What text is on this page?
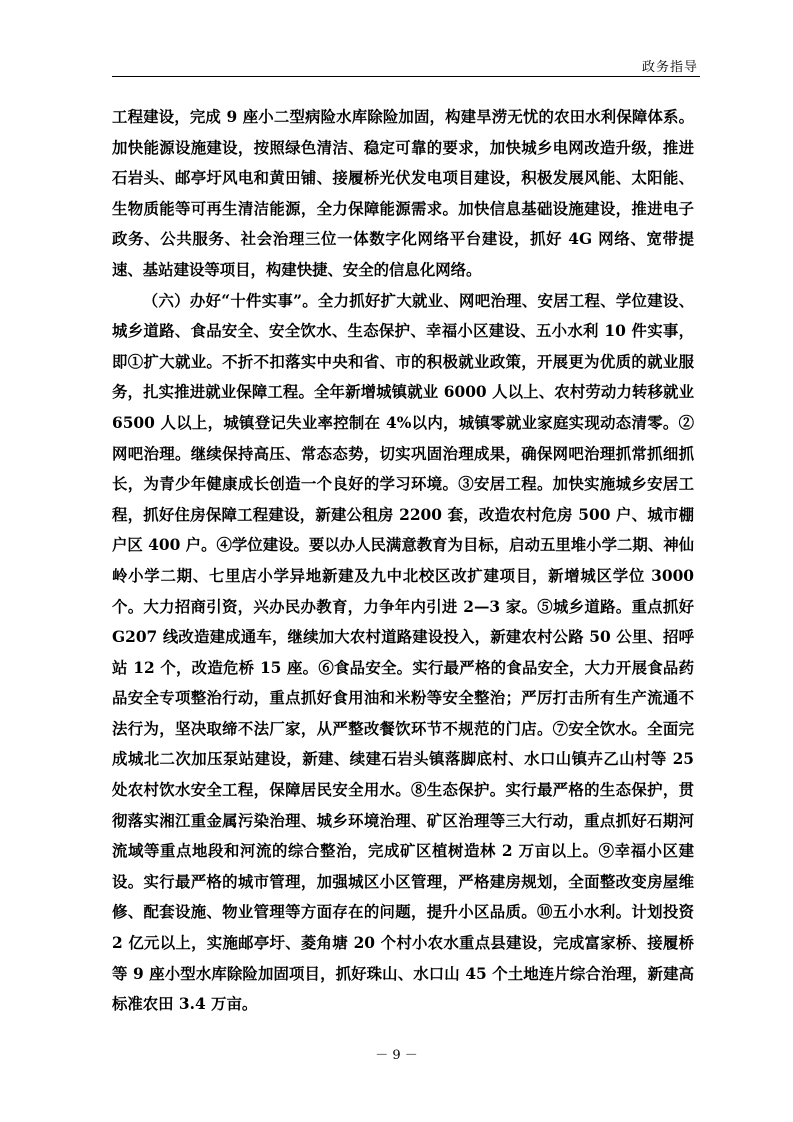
政务指导

工程建设，完成 9 座小二型病险水库除险加固，构建旱涝无忧的农田水利保障体系。加快能源设施建设，按照绿色清洁、稳定可靠的要求，加快城乡电网改造升级，推进石岩头、邮亭圩风电和黄田铺、接履桥光伏发电项目建设，积极发展风能、太阳能、生物质能等可再生清洁能源，全力保障能源需求。加快信息基础设施建设，推进电子政务、公共服务、社会治理三位一体数字化网络平台建设，抓好 4G 网络、宽带提速、基站建设等项目，构建快捷、安全的信息化网络。

（六）办好“十件实事”。全力抓好扩大就业、网吧治理、安居工程、学位建设、城乡道路、食品安全、安全饮水、生态保护、幸福小区建设、五小水利 10 件实事，即①扩大就业。不折不扣落实中央和省、市的积极就业政策，开展更为优质的就业服务，扎实推进就业保障工程。全年新增城镇就业 6000 人以上、农村劳动力转移就业 6500 人以上，城镇登记失业率控制在 4%以内，城镇零就业家庭实现动态清零。②网吧治理。继续保持高压、常态态势，切实巩固治理成果，确保网吧治理抓常抓细抓长，为青少年健康成长创造一个良好的学习环境。③安居工程。加快实施城乡安居工程，抓好住房保障工程建设，新建公租房 2200 套，改造农村危房 500 户、城市棚户区 400 户。④学位建设。要以办人民满意教育为目标，启动五里堆小学二期、神仙岭小学二期、七里店小学异地新建及九中北校区改扩建项目，新增城区学位 3000 个。大力招商引资，兴办民办教育，力争年内引进 2—3 家。⑤城乡道路。重点抓好 G207 线改造建成通车，继续加大农村道路建设投入，新建农村公路 50 公里、招呼站 12 个，改造危桥 15 座。⑥食品安全。实行最严格的食品安全，大力开展食品药品安全专项整治行动，重点抓好食用油和米粉等安全整治；严厉打击所有生产流通不法行为，坚决取缔不法厂家，从严整改餐饮环节不规范的门店。⑦安全饮水。全面完成城北二次加压泵站建设，新建、续建石岩头镇落脚底村、水口山镇卉乙山村等 25 处农村饮水安全工程，保障居民安全用水。⑧生态保护。实行最严格的生态保护，贯彻落实湘江重金属污染治理、城乡环境治理、矿区治理等三大行动，重点抓好石期河流域等重点地段和河流的综合整治，完成矿区植树造林 2 万亩以上。⑨幸福小区建设。实行最严格的城市管理，加强城区小区管理，严格建房规划，全面整改变房屋维修、配套设施、物业管理等方面存在的问题，提升小区品质。⑩五小水利。计划投资 2 亿元以上，实施邮亭圩、菱角塘 20 个村小农水重点县建设，完成富家桥、接履桥等 9 座小型水库除险加固项目，抓好珠山、水口山 45 个土地连片综合治理，新建高标准农田 3.4 万亩。

－ 9 －
